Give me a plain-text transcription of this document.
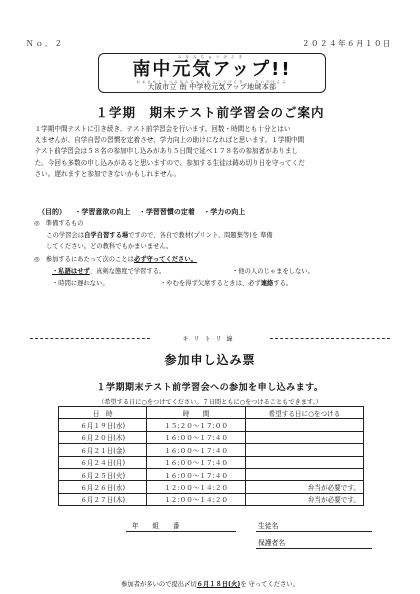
Ｎｏ．２	２０２４年６月１０日
みなみちゅうげんき
南中元気アップ!!
おおさかしりつみなみちゅうがっこうげんき　　ちいきほんぶ
大阪市立 南 中学校元気アップ地域本部
１学期　期末テスト前学習会のご案内
１学期中間テストに引き続き、テスト前学習会を行います。回数・時間とも十分とはい
えませんが、自学自習の習慣を定着させ、学力向上の助けになればと思います。１学期中間
テスト前学習会は５８名の参加申し込みがあり５日間で延べ１７８名の参加者がありまし
た。今回も多数の申し込みがあると思いますので、参加する生徒は鋳め切り日を守ってくだ
さい。遅れますと参加できないかもしれません。
（目的） ・学習意欲の向上 ・学習習慣の定着 ・学力の向上
◎　準備するもの
　この学習会は自学自習する場ですので、各自で教材(プリント、問題集等)を 準備
してください。どの教科でもかまいません。
◎　参加するにあたって次のことは必ず守ってください。
・私語はせず、真剣な態度で学習する。	・他の人のじゃまをしない。
・時間に遅れない。	・やむを得ず欠席するときは、必ず連絡する。
キリトリ線
参加申し込み票
１学期期末テスト前学習会への参加を申し込みます。
（希望する日に○をつけてください。７日間ともに○をつけることもできます。）
日　時	時　　間	希望する日に○をつける
６月１９日(水)	１５:２０～１７:００	
６月２０日(木)	１６:００～１７:４０	
６月２１日(金)	１６:００～１７:４０	
６月２４日(月)	１６:００～１７:４０	
６月２５日(火)	１６:００～１７:４０	
６月２６日(水)	１２:００～１４:２０	弁当が必要です。
６月２７日(木)	１２:００～１４:２０	弁当が必要です。
年　　組　　番	生徒名
保護者名
参加者が多いので提出〆切６月１８日(火)を 守ってください。
